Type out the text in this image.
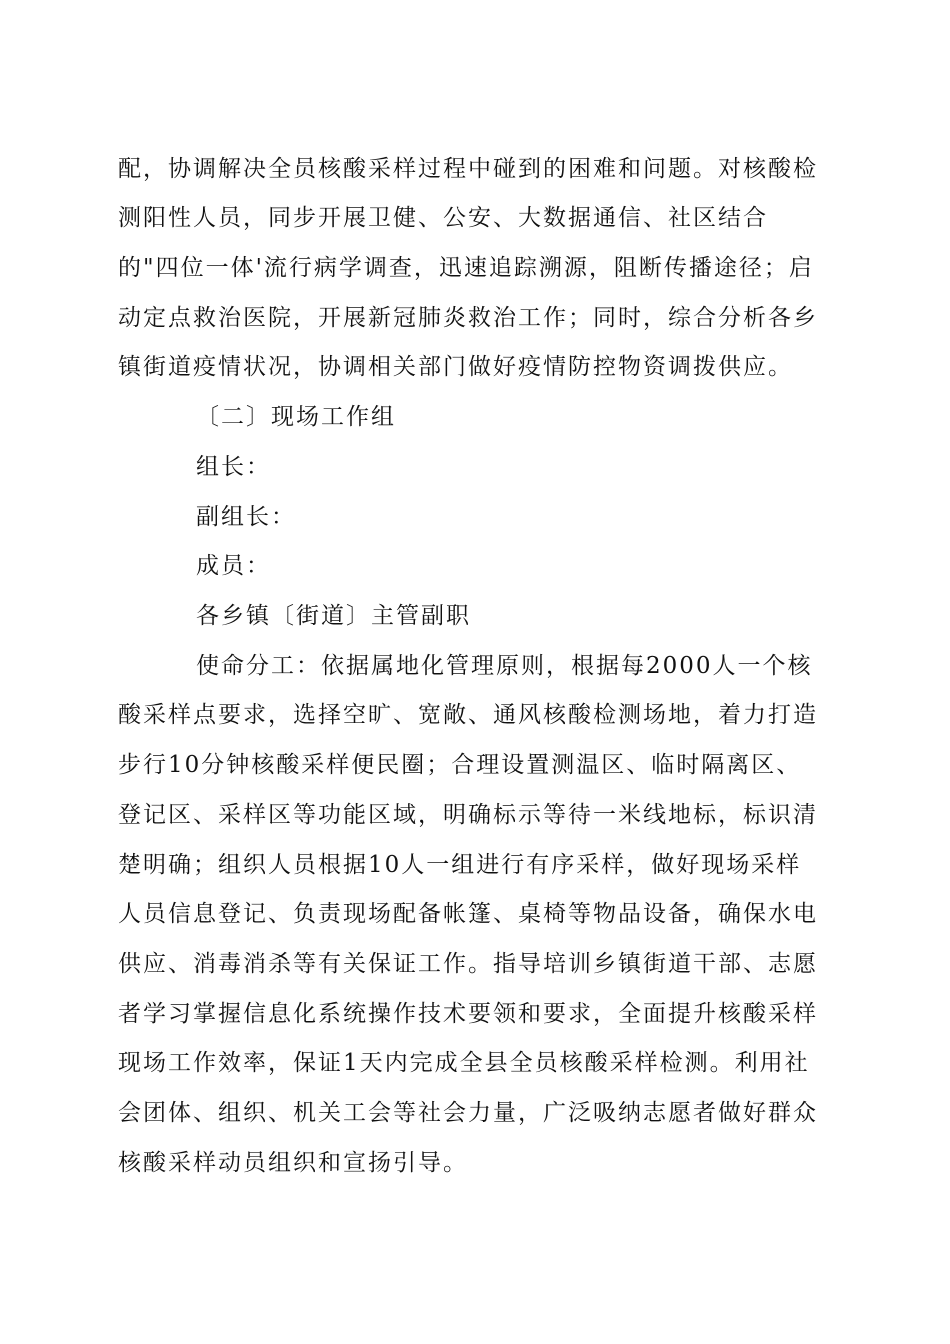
配，协调解决全员核酸采样过程中碰到的困难和问题。对核酸检
测阳性人员，同步开展卫健、公安、大数据通信、社区结合
的"四位一体'流行病学调查，迅速追踪溯源，阻断传播途径；启
动定点救治医院，开展新冠肺炎救治工作；同时，综合分析各乡
镇街道疫情状况，协调相关部门做好疫情防控物资调拨供应。
〔二〕现场工作组
组长：
副组长：
成员：
各乡镇〔街道〕主管副职
使命分工：依据属地化管理原则，根据每2000人一个核
酸采样点要求，选择空旷、宽敞、通风核酸检测场地，着力打造
步行10分钟核酸采样便民圈；合理设置测温区、临时隔离区、
登记区、采样区等功能区域，明确标示等待一米线地标，标识清
楚明确；组织人员根据10人一组进行有序采样，做好现场采样
人员信息登记、负责现场配备帐篷、桌椅等物品设备，确保水电
供应、消毒消杀等有关保证工作。指导培训乡镇街道干部、志愿
者学习掌握信息化系统操作技术要领和要求，全面提升核酸采样
现场工作效率，保证1天内完成全县全员核酸采样检测。利用社
会团体、组织、机关工会等社会力量，广泛吸纳志愿者做好群众
核酸采样动员组织和宣扬引导。
